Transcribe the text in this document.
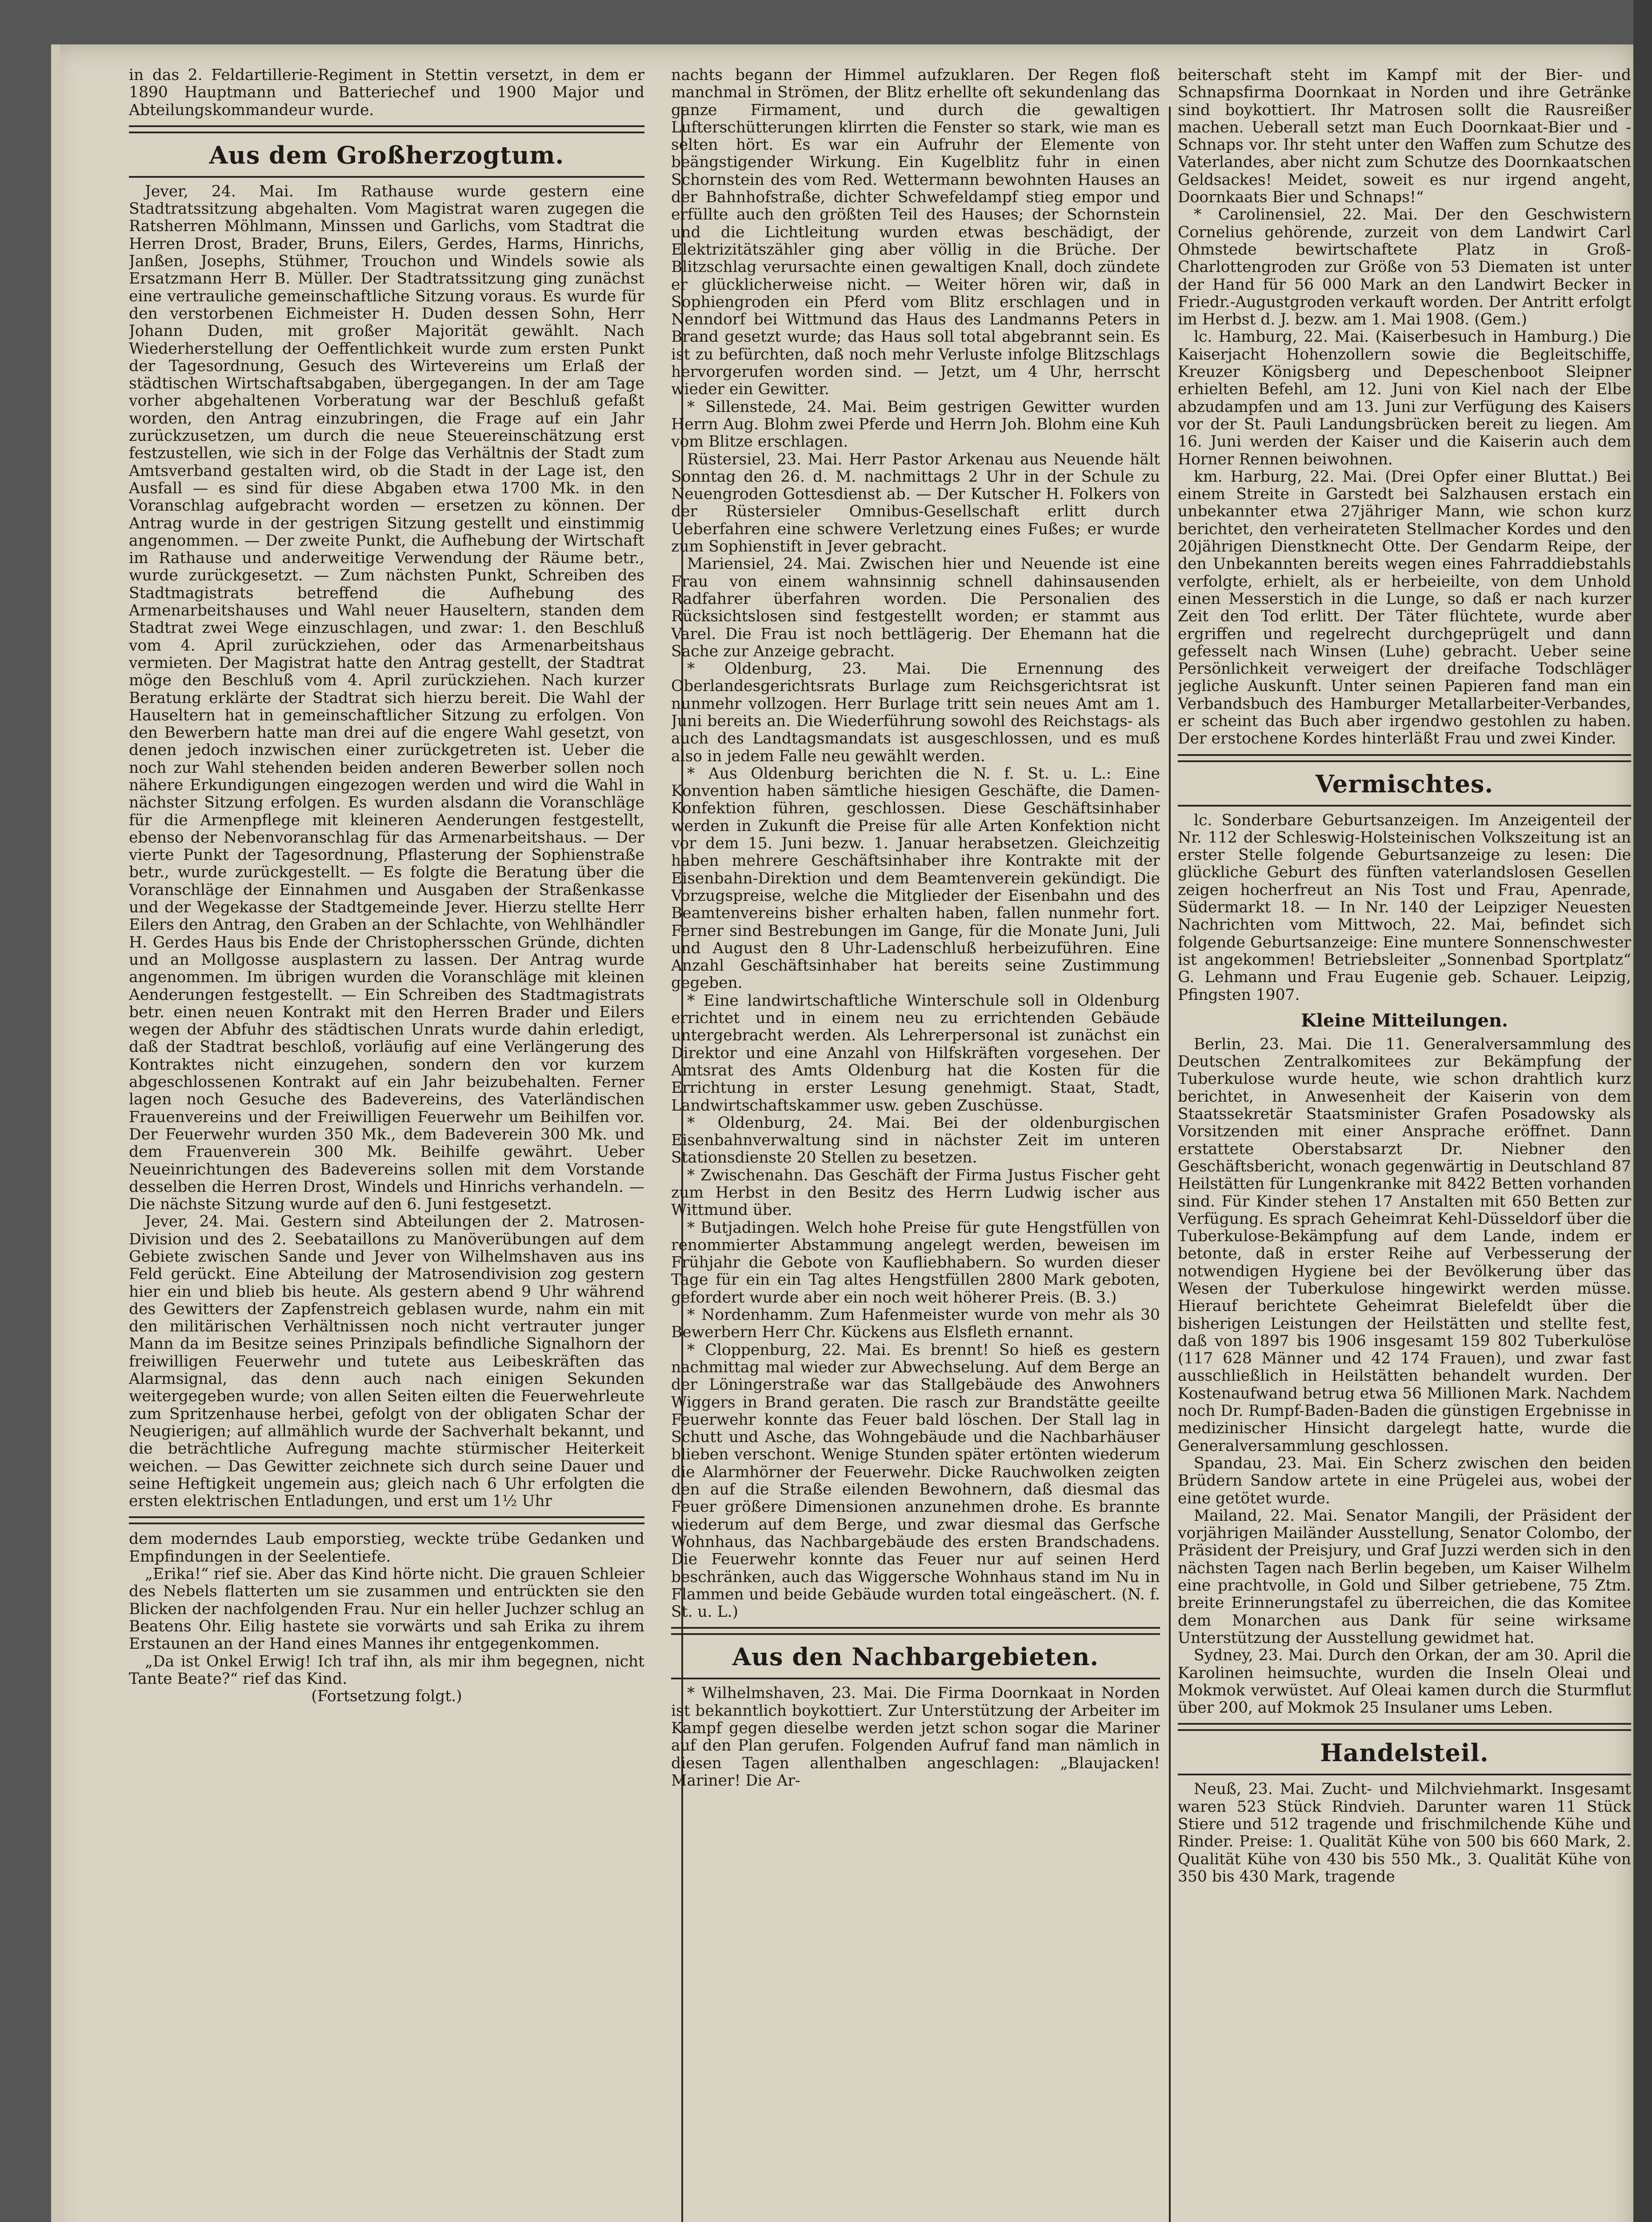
in das 2. Feldartillerie-Regiment in Stettin versetzt, in dem er 1890 Hauptmann und Batteriechef und 1900 Major und Abteilungskommandeur wurde.

Aus dem Großherzogtum.

Jever, 24. Mai. Im Rathause wurde gestern eine Stadtratssitzung abgehalten. Vom Magistrat waren zugegen die Ratsherren Möhlmann, Minssen und Garlichs, vom Stadtrat die Herren Drost, Brader, Bruns, Eilers, Gerdes, Harms, Hinrichs, Janßen, Josephs, Stühmer, Trouchon und Windels sowie als Ersatzmann Herr B. Müller. Der Stadtratssitzung ging zunächst eine vertrauliche gemeinschaftliche Sitzung voraus. Es wurde für den verstorbenen Eichmeister H. Duden dessen Sohn, Herr Johann Duden, mit großer Majorität gewählt. Nach Wiederherstellung der Oeffentlichkeit wurde zum ersten Punkt der Tagesordnung, Gesuch des Wirtevereins um Erlaß der städtischen Wirtschaftsabgaben, übergegangen. In der am Tage vorher abgehaltenen Vorberatung war der Beschluß gefaßt worden, den Antrag einzubringen, die Frage auf ein Jahr zurückzusetzen, um durch die neue Steuereinschätzung erst festzustellen, wie sich in der Folge das Verhältnis der Stadt zum Amtsverband gestalten wird, ob die Stadt in der Lage ist, den Ausfall — es sind für diese Abgaben etwa 1700 Mk. in den Voranschlag aufgebracht worden — ersetzen zu können. Der Antrag wurde in der gestrigen Sitzung gestellt und einstimmig angenommen. — Der zweite Punkt, die Aufhebung der Wirtschaft im Rathause und anderweitige Verwendung der Räume betr., wurde zurückgesetzt. — Zum nächsten Punkt, Schreiben des Stadtmagistrats betreffend die Aufhebung des Armenarbeitshauses und Wahl neuer Hauseltern, standen dem Stadtrat zwei Wege einzuschlagen, und zwar: 1. den Beschluß vom 4. April zurückziehen, oder das Armenarbeitshaus vermieten. Der Magistrat hatte den Antrag gestellt, der Stadtrat möge den Beschluß vom 4. April zurückziehen. Nach kurzer Beratung erklärte der Stadtrat sich hierzu bereit. Die Wahl der Hauseltern hat in gemeinschaftlicher Sitzung zu erfolgen. Von den Bewerbern hatte man drei auf die engere Wahl gesetzt, von denen jedoch inzwischen einer zurückgetreten ist. Ueber die noch zur Wahl stehenden beiden anderen Bewerber sollen noch nähere Erkundigungen eingezogen werden und wird die Wahl in nächster Sitzung erfolgen. Es wurden alsdann die Voranschläge für die Armenpflege mit kleineren Aenderungen festgestellt, ebenso der Nebenvoranschlag für das Armenarbeitshaus. — Der vierte Punkt der Tagesordnung, Pflasterung der Sophienstraße betr., wurde zurückgestellt. — Es folgte die Beratung über die Voranschläge der Einnahmen und Ausgaben der Straßenkasse und der Wegekasse der Stadtgemeinde Jever. Hierzu stellte Herr Eilers den Antrag, den Graben an der Schlachte, von Wehlhändler H. Gerdes Haus bis Ende der Christophersschen Gründe, dichten und an Mollgosse ausplastern zu lassen. Der Antrag wurde angenommen. Im übrigen wurden die Voranschläge mit kleinen Aenderungen festgestellt. — Ein Schreiben des Stadtmagistrats betr. einen neuen Kontrakt mit den Herren Brader und Eilers wegen der Abfuhr des städtischen Unrats wurde dahin erledigt, daß der Stadtrat beschloß, vorläufig auf eine Verlängerung des Kontraktes nicht einzugehen, sondern den vor kurzem abgeschlossenen Kontrakt auf ein Jahr beizubehalten. Ferner lagen noch Gesuche des Badevereins, des Vaterländischen Frauenvereins und der Freiwilligen Feuerwehr um Beihilfen vor. Der Feuerwehr wurden 350 Mk., dem Badeverein 300 Mk. und dem Frauenverein 300 Mk. Beihilfe gewährt. Ueber Neueinrichtungen des Badevereins sollen mit dem Vorstande desselben die Herren Drost, Windels und Hinrichs verhandeln. — Die nächste Sitzung wurde auf den 6. Juni festgesetzt.

Jever, 24. Mai. Gestern sind Abteilungen der 2. Matrosen-Division und des 2. Seebataillons zu Manöverübungen auf dem Gebiete zwischen Sande und Jever von Wilhelmshaven aus ins Feld gerückt. Eine Abteilung der Matrosendivision zog gestern hier ein und blieb bis heute. Als gestern abend 9 Uhr während des Gewitters der Zapfenstreich geblasen wurde, nahm ein mit den militärischen Verhältnissen noch nicht vertrauter junger Mann da im Besitze seines Prinzipals befindliche Signalhorn der freiwilligen Feuerwehr und tutete aus Leibeskräften das Alarmsignal, das denn auch nach einigen Sekunden weitergegeben wurde; von allen Seiten eilten die Feuerwehrleute zum Spritzenhause herbei, gefolgt von der obligaten Schar der Neugierigen; auf allmählich wurde der Sachverhalt bekannt, und die beträchtliche Aufregung machte stürmischer Heiterkeit weichen. — Das Gewitter zeichnete sich durch seine Dauer und seine Heftigkeit ungemein aus; gleich nach 6 Uhr erfolgten die ersten elektrischen Entladungen, und erst um 1½ Uhr

dem moderndes Laub emporstieg, weckte trübe Gedanken und Empfindungen in der Seelentiefe.

„Erika!“ rief sie. Aber das Kind hörte nicht. Die grauen Schleier des Nebels flatterten um sie zusammen und entrückten sie den Blicken der nachfolgenden Frau. Nur ein heller Juchzer schlug an Beatens Ohr. Eilig hastete sie vorwärts und sah Erika zu ihrem Erstaunen an der Hand eines Mannes ihr entgegenkommen.

„Da ist Onkel Erwig! Ich traf ihn, als mir ihm begegnen, nicht Tante Beate?“ rief das Kind.

(Fortsetzung folgt.)

nachts begann der Himmel aufzuklaren. Der Regen floß manchmal in Strömen, der Blitz erhellte oft sekundenlang das ganze Firmament, und durch die gewaltigen Lufterschütterungen klirrten die Fenster so stark, wie man es selten hört. Es war ein Aufruhr der Elemente von beängstigender Wirkung. Ein Kugelblitz fuhr in einen Schornstein des vom Red. Wettermann bewohnten Hauses an der Bahnhofstraße, dichter Schwefeldampf stieg empor und erfüllte auch den größten Teil des Hauses; der Schornstein und die Lichtleitung wurden etwas beschädigt, der Elektrizitätszähler ging aber völlig in die Brüche. Der Blitzschlag verursachte einen gewaltigen Knall, doch zündete er glücklicherweise nicht. — Weiter hören wir, daß in Sophiengroden ein Pferd vom Blitz erschlagen und in Nenndorf bei Wittmund das Haus des Landmanns Peters in Brand gesetzt wurde; das Haus soll total abgebrannt sein. Es ist zu befürchten, daß noch mehr Verluste infolge Blitzschlags hervorgerufen worden sind. — Jetzt, um 4 Uhr, herrscht wieder ein Gewitter.

* Sillenstede, 24. Mai. Beim gestrigen Gewitter wurden Herrn Aug. Blohm zwei Pferde und Herrn Joh. Blohm eine Kuh vom Blitze erschlagen.

Rüstersiel, 23. Mai. Herr Pastor Arkenau aus Neuende hält Sonntag den 26. d. M. nachmittags 2 Uhr in der Schule zu Neuengroden Gottesdienst ab. — Der Kutscher H. Folkers von der Rüstersieler Omnibus-Gesellschaft erlitt durch Ueberfahren eine schwere Verletzung eines Fußes; er wurde zum Sophienstift in Jever gebracht.

Mariensiel, 24. Mai. Zwischen hier und Neuende ist eine Frau von einem wahnsinnig schnell dahinsausenden Radfahrer überfahren worden. Die Personalien des Rücksichtslosen sind festgestellt worden; er stammt aus Varel. Die Frau ist noch bettlägerig. Der Ehemann hat die Sache zur Anzeige gebracht.

* Oldenburg, 23. Mai. Die Ernennung des Oberlandesgerichtsrats Burlage zum Reichsgerichtsrat ist nunmehr vollzogen. Herr Burlage tritt sein neues Amt am 1. Juni bereits an. Die Wiederführung sowohl des Reichstags- als auch des Landtagsmandats ist ausgeschlossen, und es muß also in jedem Falle neu gewählt werden.

* Aus Oldenburg berichten die N. f. St. u. L.: Eine Konvention haben sämtliche hiesigen Geschäfte, die Damen-Konfektion führen, geschlossen. Diese Geschäftsinhaber werden in Zukunft die Preise für alle Arten Konfektion nicht vor dem 15. Juni bezw. 1. Januar herabsetzen. Gleichzeitig haben mehrere Geschäftsinhaber ihre Kontrakte mit der Eisenbahn-Direktion und dem Beamtenverein gekündigt. Die Vorzugspreise, welche die Mitglieder der Eisenbahn und des Beamtenvereins bisher erhalten haben, fallen nunmehr fort. Ferner sind Bestrebungen im Gange, für die Monate Juni, Juli und August den 8 Uhr-Ladenschluß herbeizuführen. Eine Anzahl Geschäftsinhaber hat bereits seine Zustimmung gegeben.

* Eine landwirtschaftliche Winterschule soll in Oldenburg errichtet und in einem neu zu errichtenden Gebäude untergebracht werden. Als Lehrerpersonal ist zunächst ein Direktor und eine Anzahl von Hilfskräften vorgesehen. Der Amtsrat des Amts Oldenburg hat die Kosten für die Errichtung in erster Lesung genehmigt. Staat, Stadt, Landwirtschaftskammer usw. geben Zuschüsse.

* Oldenburg, 24. Mai. Bei der oldenburgischen Eisenbahnverwaltung sind in nächster Zeit im unteren Stationsdienste 20 Stellen zu besetzen.

* Zwischenahn. Das Geschäft der Firma Justus Fischer geht zum Herbst in den Besitz des Herrn Ludwig ischer aus Wittmund über.

* Butjadingen. Welch hohe Preise für gute Hengstfüllen von renommierter Abstammung angelegt werden, beweisen im Frühjahr die Gebote von Kaufliebhabern. So wurden dieser Tage für ein ein Tag altes Hengstfüllen 2800 Mark geboten, gefordert wurde aber ein noch weit höherer Preis. (B. 3.)

* Nordenhamm. Zum Hafenmeister wurde von mehr als 30 Bewerbern Herr Chr. Kückens aus Elsfleth ernannt.

* Cloppenburg, 22. Mai. Es brennt! So hieß es gestern nachmittag mal wieder zur Abwechselung. Auf dem Berge an der Löningerstraße war das Stallgebäude des Anwohners Wiggers in Brand geraten. Die rasch zur Brandstätte geeilte Feuerwehr konnte das Feuer bald löschen. Der Stall lag in Schutt und Asche, das Wohngebäude und die Nachbarhäuser blieben verschont. Wenige Stunden später ertönten wiederum die Alarmhörner der Feuerwehr. Dicke Rauchwolken zeigten den auf die Straße eilenden Bewohnern, daß diesmal das Feuer größere Dimensionen anzunehmen drohe. Es brannte wiederum auf dem Berge, und zwar diesmal das Gerfsche Wohnhaus, das Nachbargebäude des ersten Brandschadens. Die Feuerwehr konnte das Feuer nur auf seinen Herd beschränken, auch das Wiggersche Wohnhaus stand im Nu in Flammen und beide Gebäude wurden total eingeäschert. (N. f. St. u. L.)

Aus den Nachbargebieten.

* Wilhelmshaven, 23. Mai. Die Firma Doornkaat in Norden ist bekanntlich boykottiert. Zur Unterstützung der Arbeiter im Kampf gegen dieselbe werden jetzt schon sogar die Mariner auf den Plan gerufen. Folgenden Aufruf fand man nämlich in diesen Tagen allenthalben angeschlagen: „Blaujacken! Mariner! Die Ar-

beiterschaft steht im Kampf mit der Bier- und Schnapsfirma Doornkaat in Norden und ihre Getränke sind boykottiert. Ihr Matrosen sollt die Rausreißer machen. Ueberall setzt man Euch Doornkaat-Bier und -Schnaps vor. Ihr steht unter den Waffen zum Schutze des Vaterlandes, aber nicht zum Schutze des Doornkaatschen Geldsackes! Meidet, soweit es nur irgend angeht, Doornkaats Bier und Schnaps!“

* Carolinensiel, 22. Mai. Der den Geschwistern Cornelius gehörende, zurzeit von dem Landwirt Carl Ohmstede bewirtschaftete Platz in Groß-Charlottengroden zur Größe von 53 Diematen ist unter der Hand für 56 000 Mark an den Landwirt Becker in Friedr.-Augustgroden verkauft worden. Der Antritt erfolgt im Herbst d. J. bezw. am 1. Mai 1908. (Gem.)

lc. Hamburg, 22. Mai. (Kaiserbesuch in Hamburg.) Die Kaiserjacht Hohenzollern sowie die Begleitschiffe, Kreuzer Königsberg und Depeschenboot Sleipner erhielten Befehl, am 12. Juni von Kiel nach der Elbe abzudampfen und am 13. Juni zur Verfügung des Kaisers vor der St. Pauli Landungsbrücken bereit zu liegen. Am 16. Juni werden der Kaiser und die Kaiserin auch dem Horner Rennen beiwohnen.

km. Harburg, 22. Mai. (Drei Opfer einer Bluttat.) Bei einem Streite in Garstedt bei Salzhausen erstach ein unbekannter etwa 27jähriger Mann, wie schon kurz berichtet, den verheirateten Stellmacher Kordes und den 20jährigen Dienstknecht Otte. Der Gendarm Reipe, der den Unbekannten bereits wegen eines Fahrraddiebstahls verfolgte, erhielt, als er herbeieilte, von dem Unhold einen Messerstich in die Lunge, so daß er nach kurzer Zeit den Tod erlitt. Der Täter flüchtete, wurde aber ergriffen und regelrecht durchgeprügelt und dann gefesselt nach Winsen (Luhe) gebracht. Ueber seine Persönlichkeit verweigert der dreifache Todschläger jegliche Auskunft. Unter seinen Papieren fand man ein Verbandsbuch des Hamburger Metallarbeiter-Verbandes, er scheint das Buch aber irgendwo gestohlen zu haben. Der erstochene Kordes hinterläßt Frau und zwei Kinder.

Vermischtes.

lc. Sonderbare Geburtsanzeigen. Im Anzeigenteil der Nr. 112 der Schleswig-Holsteinischen Volkszeitung ist an erster Stelle folgende Geburtsanzeige zu lesen: Die glückliche Geburt des fünften vaterlandslosen Gesellen zeigen hocherfreut an Nis Tost und Frau, Apenrade, Südermarkt 18. — In Nr. 140 der Leipziger Neuesten Nachrichten vom Mittwoch, 22. Mai, befindet sich folgende Geburtsanzeige: Eine muntere Sonnenschwester ist angekommen! Betriebsleiter „Sonnenbad Sportplatz“ G. Lehmann und Frau Eugenie geb. Schauer. Leipzig, Pfingsten 1907.

Kleine Mitteilungen.

Berlin, 23. Mai. Die 11. Generalversammlung des Deutschen Zentralkomitees zur Bekämpfung der Tuberkulose wurde heute, wie schon drahtlich kurz berichtet, in Anwesenheit der Kaiserin von dem Staatssekretär Staatsminister Grafen Posadowsky als Vorsitzenden mit einer Ansprache eröffnet. Dann erstattete Oberstabsarzt Dr. Niebner den Geschäftsbericht, wonach gegenwärtig in Deutschland 87 Heilstätten für Lungenkranke mit 8422 Betten vorhanden sind. Für Kinder stehen 17 Anstalten mit 650 Betten zur Verfügung. Es sprach Geheimrat Kehl-Düsseldorf über die Tuberkulose-Bekämpfung auf dem Lande, indem er betonte, daß in erster Reihe auf Verbesserung der notwendigen Hygiene bei der Bevölkerung über das Wesen der Tuberkulose hingewirkt werden müsse. Hierauf berichtete Geheimrat Bielefeldt über die bisherigen Leistungen der Heilstätten und stellte fest, daß von 1897 bis 1906 insgesamt 159 802 Tuberkulöse (117 628 Männer und 42 174 Frauen), und zwar fast ausschließlich in Heilstätten behandelt wurden. Der Kostenaufwand betrug etwa 56 Millionen Mark. Nachdem noch Dr. Rumpf-Baden-Baden die günstigen Ergebnisse in medizinischer Hinsicht dargelegt hatte, wurde die Generalversammlung geschlossen.

Spandau, 23. Mai. Ein Scherz zwischen den beiden Brüdern Sandow artete in eine Prügelei aus, wobei der eine getötet wurde.

Mailand, 22. Mai. Senator Mangili, der Präsident der vorjährigen Mailänder Ausstellung, Senator Colombo, der Präsident der Preisjury, und Graf Juzzi werden sich in den nächsten Tagen nach Berlin begeben, um Kaiser Wilhelm eine prachtvolle, in Gold und Silber getriebene, 75 Ztm. breite Erinnerungstafel zu überreichen, die das Komitee dem Monarchen aus Dank für seine wirksame Unterstützung der Ausstellung gewidmet hat.

Sydney, 23. Mai. Durch den Orkan, der am 30. April die Karolinen heimsuchte, wurden die Inseln Oleai und Mokmok verwüstet. Auf Oleai kamen durch die Sturmflut über 200, auf Mokmok 25 Insulaner ums Leben.

Handelsteil.

Neuß, 23. Mai. Zucht- und Milchviehmarkt. Insgesamt waren 523 Stück Rindvieh. Darunter waren 11 Stück Stiere und 512 tragende und frischmilchende Kühe und Rinder. Preise: 1. Qualität Kühe von 500 bis 660 Mark, 2. Qualität Kühe von 430 bis 550 Mk., 3. Qualität Kühe von 350 bis 430 Mark, tragende
